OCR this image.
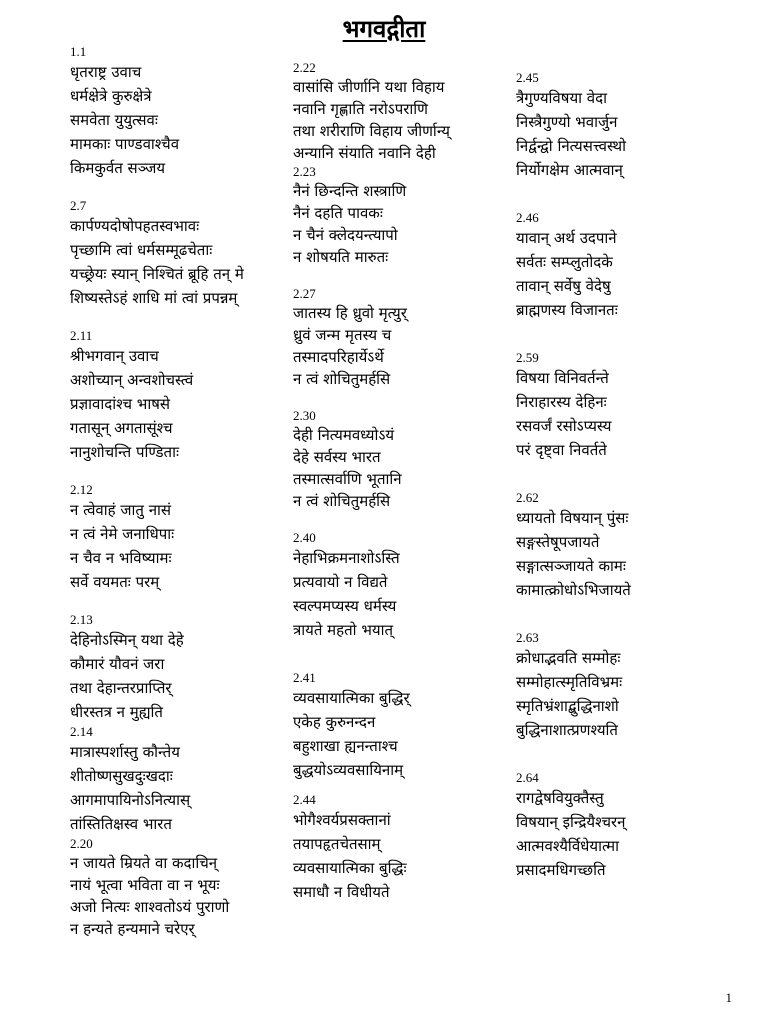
भगवद्गीता
1.1
धृतराष्ट्र उवाच
धर्मक्षेत्रे कुरुक्षेत्रे
समवेता युयुत्सवः
मामकाः पाण्डवाश्चैव
किमकुर्वत सञ्जय
2.7
कार्पण्यदोषोपहतस्वभावः
पृच्छामि त्वां धर्मसम्मूढचेताः
यच्छ्रेयः स्यान् निश्चितं ब्रूहि तन् मे
शिष्यस्तेऽहं शाधि मां त्वां प्रपन्नम्
2.11
श्रीभगवान् उवाच
अशोच्यान् अन्वशोचस्त्वं
प्रज्ञावादांश्च भाषसे
गतासून् अगतासूंश्च
नानुशोचन्ति पण्डिताः
2.12
न त्वेवाहं जातु नासं
न त्वं नेमे जनाधिपाः
न चैव न भविष्यामः
सर्वे वयमतः परम्
2.13
देहिनोऽस्मिन् यथा देहे
कौमारं यौवनं जरा
तथा देहान्तरप्राप्तिर्
धीरस्तत्र न मुह्यति
2.14
मात्रास्पर्शास्तु कौन्तेय
शीतोष्णसुखदुःखदाः
आगमापायिनोऽनित्यास्
तांस्तितिक्षस्व भारत
2.20
न जायते म्रियते वा कदाचिन्
नायं भूत्वा भविता वा न भूयः
अजो नित्यः शाश्वतोऽयं पुराणो
न हन्यते हन्यमाने चरेएर्
2.22
वासांसि जीर्णानि यथा विहाय
नवानि गृह्णाति नरोऽपराणि
तथा शरीराणि विहाय जीर्णान्य्
अन्यानि संयाति नवानि देही
2.23
नैनं छिन्दन्ति शस्त्राणि
नैनं दहति पावकः
न चैनं क्लेदयन्त्यापो
न शोषयति मारुतः
2.27
जातस्य हि ध्रुवो मृत्युर्
ध्रुवं जन्म मृतस्य च
तस्मादपरिहार्येऽर्थे
न त्वं शोचितुमर्हसि
2.30
देही नित्यमवध्योऽयं
देहे सर्वस्य भारत
तस्मात्सर्वाणि भूतानि
न त्वं शोचितुमर्हसि
2.40
नेहाभिक्रमनाशोऽस्ति
प्रत्यवायो न विद्यते
स्वल्पमप्यस्य धर्मस्य
त्रायते महतो भयात्
2.41
व्यवसायात्मिका बुद्धिर्
एकेह कुरुनन्दन
बहुशाखा ह्यनन्ताश्च
बुद्धयोऽव्यवसायिनाम्
2.44
भोगैश्वर्यप्रसक्तानां
तयापहृतचेतसाम्
व्यवसायात्मिका बुद्धिः
समाधौ न विधीयते
2.45
त्रैगुण्यविषया वेदा
निस्त्रैगुण्यो भवार्जुन
निर्द्वन्द्वो नित्यसत्त्वस्थो
निर्योगक्षेम आत्मवान्
2.46
यावान् अर्थ उदपाने
सर्वतः सम्प्लुतोदके
तावान् सर्वेषु वेदेषु
ब्राह्मणस्य विजानतः
2.59
विषया विनिवर्तन्ते
निराहारस्य देहिनः
रसवर्जं रसोऽप्यस्य
परं दृष्ट्वा निवर्तते
2.62
ध्यायतो विषयान् पुंसः
सङ्गस्तेषूपजायते
सङ्गात्सञ्जायते कामः
कामात्क्रोधोऽभिजायते
2.63
क्रोधाद्भवति सम्मोहः
सम्मोहात्स्मृतिविभ्रमः
स्मृतिभ्रंशाद्बुद्धिनाशो
बुद्धिनाशात्प्रणश्यति
2.64
रागद्वेषवियुक्तैस्तु
विषयान् इन्द्रियैश्चरन्
आत्मवश्यैर्विधेयात्मा
प्रसादमधिगच्छति
1
